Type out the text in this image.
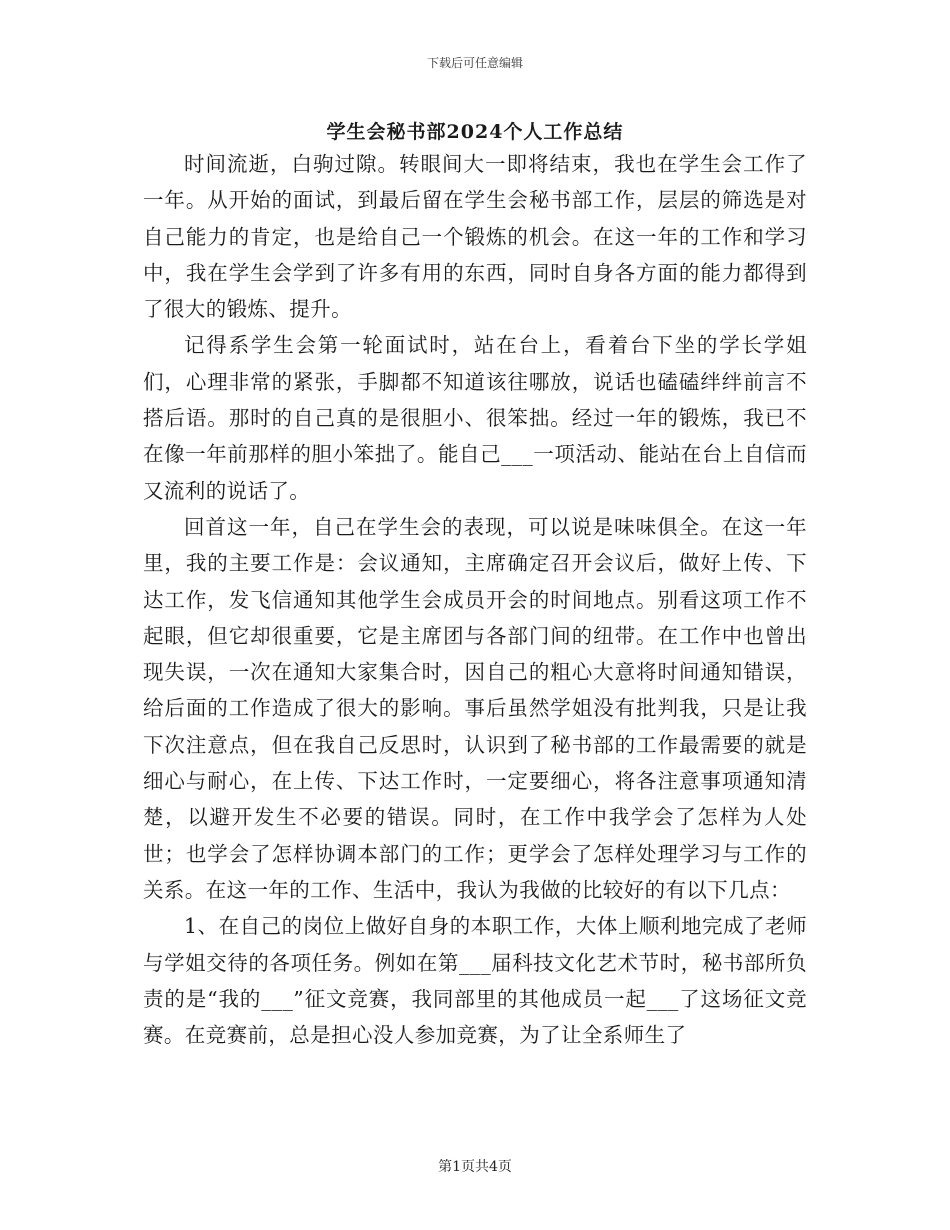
下载后可任意编辑
学生会秘书部2024个人工作总结

时间流逝，白驹过隙。转眼间大一即将结束，我也在学生会工作了一年。从开始的面试，到最后留在学生会秘书部工作，层层的筛选是对自己能力的肯定，也是给自己一个锻炼的机会。在这一年的工作和学习中，我在学生会学到了许多有用的东西，同时自身各方面的能力都得到了很大的锻炼、提升。

记得系学生会第一轮面试时，站在台上，看着台下坐的学长学姐们，心理非常的紧张，手脚都不知道该往哪放，说话也磕磕绊绊前言不搭后语。那时的自己真的是很胆小、很笨拙。经过一年的锻炼，我已不在像一年前那样的胆小笨拙了。能自己___一项活动、能站在台上自信而又流利的说话了。

回首这一年，自己在学生会的表现，可以说是味味俱全。在这一年里，我的主要工作是：会议通知，主席确定召开会议后，做好上传、下达工作，发飞信通知其他学生会成员开会的时间地点。别看这项工作不起眼，但它却很重要，它是主席团与各部门间的纽带。在工作中也曾出现失误，一次在通知大家集合时，因自己的粗心大意将时间通知错误，给后面的工作造成了很大的影响。事后虽然学姐没有批判我，只是让我下次注意点，但在我自己反思时，认识到了秘书部的工作最需要的就是细心与耐心，在上传、下达工作时，一定要细心，将各注意事项通知清楚，以避开发生不必要的错误。同时，在工作中我学会了怎样为人处世；也学会了怎样协调本部门的工作；更学会了怎样处理学习与工作的关系。在这一年的工作、生活中，我认为我做的比较好的有以下几点：

1、在自己的岗位上做好自身的本职工作，大体上顺利地完成了老师与学姐交待的各项任务。例如在第___届科技文化艺术节时，秘书部所负责的是“我的___”征文竞赛，我同部里的其他成员一起___了这场征文竞赛。在竞赛前，总是担心没人参加竞赛，为了让全系师生了

第1页共4页
